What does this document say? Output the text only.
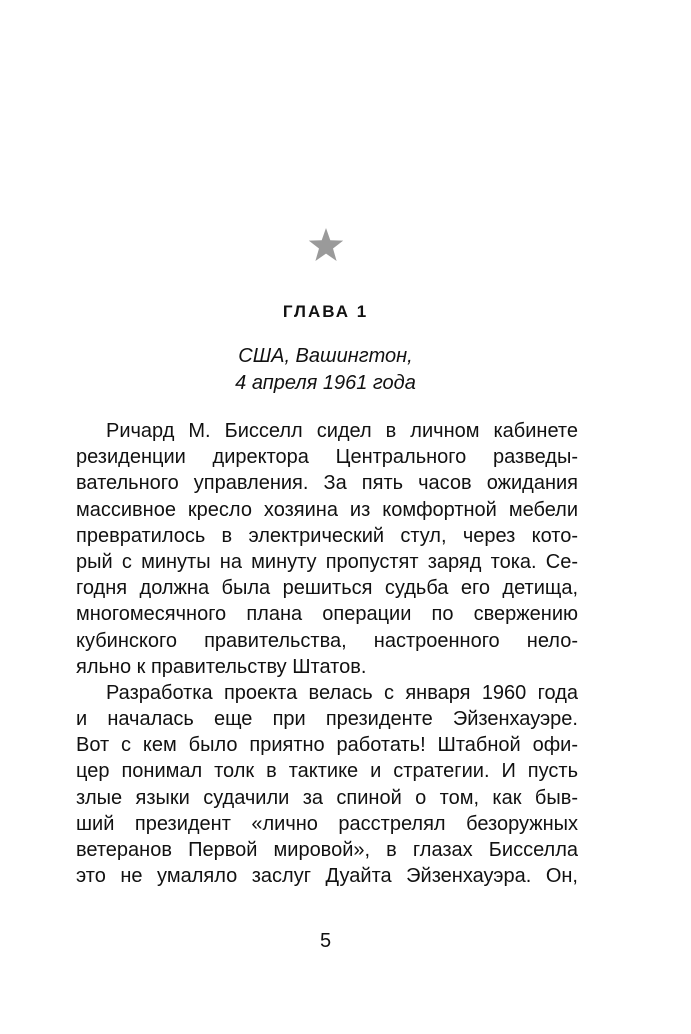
ГЛАВА 1
США, Вашингтон,
4 апреля 1961 года
Ричард М. Бисселл сидел в личном кабинете
резиденции директора Центрального разведы-
вательного управления. За пять часов ожидания
массивное кресло хозяина из комфортной мебели
превратилось в электрический стул, через кото-
рый с минуты на минуту пропустят заряд тока. Се-
годня должна была решиться судьба его детища,
многомесячного плана операции по свержению
кубинского правительства, настроенного нело-
яльно к правительству Штатов.
Разработка проекта велась с января 1960 года
и началась еще при президенте Эйзенхауэре.
Вот с кем было приятно работать! Штабной офи-
цер понимал толк в тактике и стратегии. И пусть
злые языки судачили за спиной о том, как быв-
ший президент «лично расстрелял безоружных
ветеранов Первой мировой», в глазах Бисселла
это не умаляло заслуг Дуайта Эйзенхауэра. Он,
5
